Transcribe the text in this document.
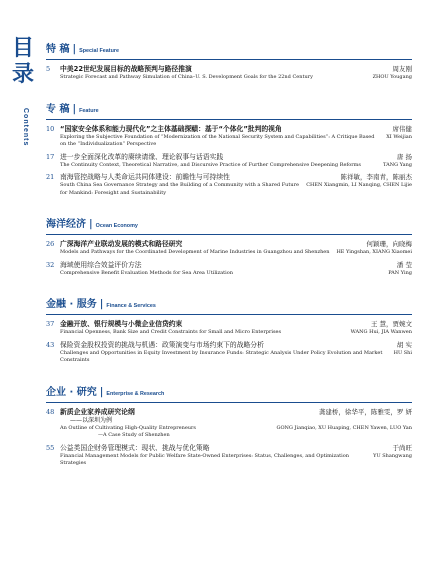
目
录
Contents
特 稿 | Special Feature
5	中美22世纪发展目标的战略预判与路径推演	周友刚
Strategic Forecast and Pathway Simulation of China–U. S. Development Goals for the 22nd Century	ZHOU Yougang
专 稿 | Feature
10 “国家安全体系和能力现代化”之主体基础探赜：基于“个体化”批判的视角	席伟健
Exploring the Subjective Foundation of “Modernization of the National Security System and Capabilities”: A Critique Based on the “Individualization” Perspective
XI Weijian
17 进一步全面深化改革的赓续请缘、理论叙事与话语实践	唐 扬
The Continuity Context, Theoretical Narrative, and Discursive Practice of Further Comprehensive Deepening Reforms	TANG Yang
21 南海管控战略与人类命运共同体建设：前瞻性与可持续性	陈祥敏，李南青，陈丽杰
South China Sea Governance Strategy and the Building of a Community with a Shared Future for Mankind: Foresight and Sustainability
CHEN Xiangmin, LI Nanqing, CHEN Lijie
海洋经济 | Ocean Economy
26 广深海洋产业联动发展的模式和路径研究	何颖珊，向晓梅
Models and Pathways for the Coordinated Development of Marine Industries in Guangzhou and Shenzhen	HE Yingshan, XIANG Xiaomei
32 海域使用综合效益评价方法	潘 莹
Comprehensive Benefit Evaluation Methods for Sea Area Utilization	PAN Ying
金融 · 服务 | Finance & Services
37 金融开放、银行规模与小微企业信贷约束	王 慧，贾婉文
Financial Openness, Bank Size and Credit Constraints for Small and Micro Enterprises	WANG Hui, JIA Wanwen
43 保险资金股权投资的挑战与机遇：政策演变与市场约束下的战略分析	胡 实
Challenges and Opportunities in Equity Investment by Insurance Funds: Strategic Analysis Under Policy Evolution and Market Constraints
HU Shi
企业 · 研究 | Enterprise & Research
48 新质企业家养成研究论纲	龚建桥，徐华平，陈雅雯，罗 妍
——以深圳为例
An Outline of Cultivating High-Quality Entrepreneurs	GONG Jianqiao, XU Huaping, CHEN Yawen, LUO Yan
—A Case Study of Shenzhen
55 公益类国企财务管理模式：现状、挑战与优化策略	于尚旺
Financial Management Models for Public Welfare State-Owned Enterprises: Status, Challenges, and Optimization Strategies
YU Shangwang
